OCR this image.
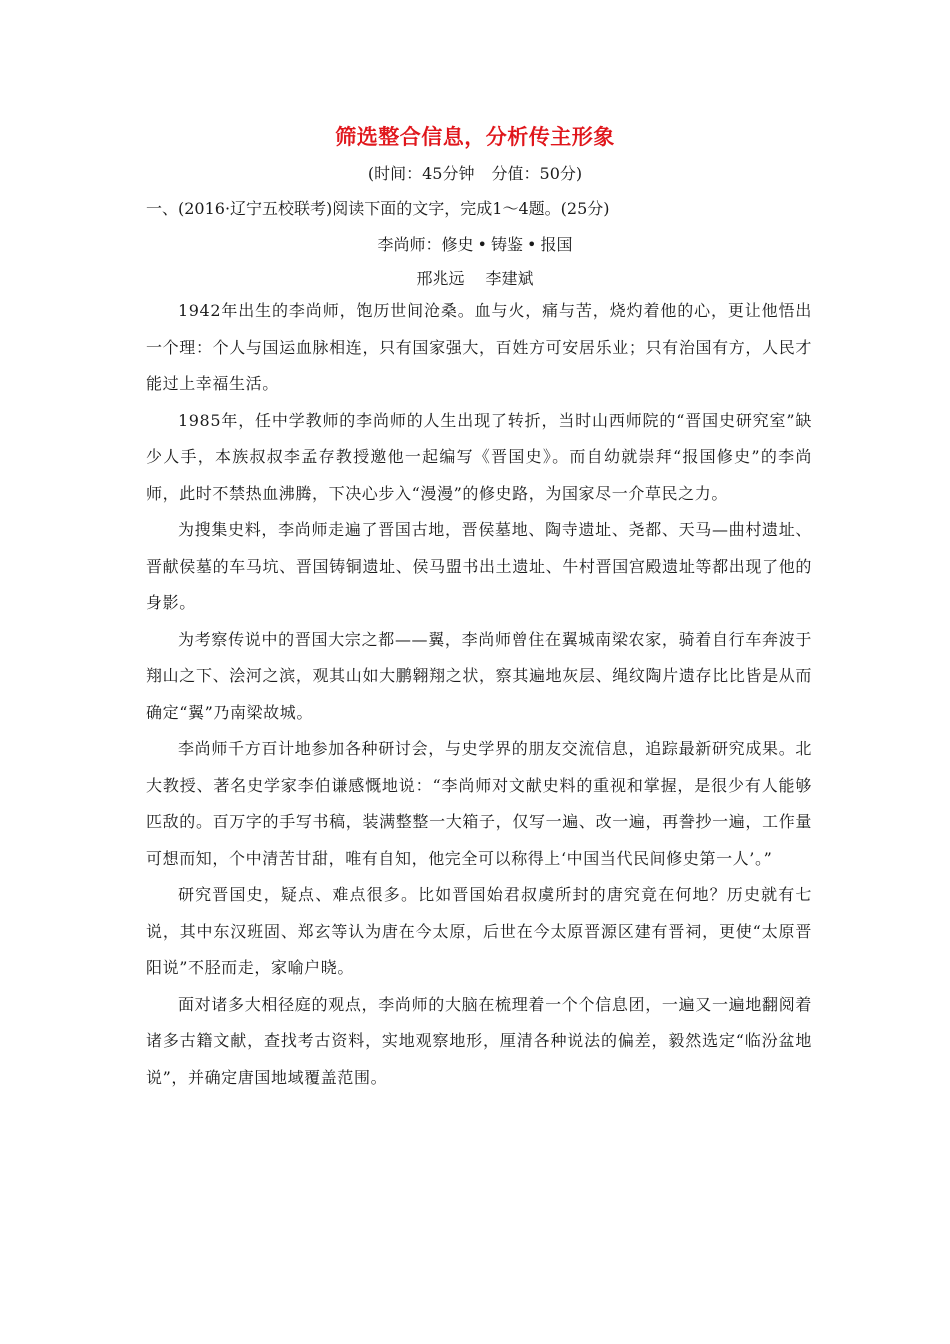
筛选整合信息，分析传主形象
(时间：45分钟 分值：50分)
一、(2016·辽宁五校联考)阅读下面的文字，完成1～4题。(25分)
李尚师：修史 • 铸鉴 • 报国
邢兆远 李建斌

1942年出生的李尚师，饱历世间沧桑。血与火，痛与苦，烧灼着他的心，更让他悟出一个理：个人与国运血脉相连，只有国家强大，百姓方可安居乐业；只有治国有方，人民才能过上幸福生活。

1985年，任中学教师的李尚师的人生出现了转折，当时山西师院的“晋国史研究室”缺少人手，本族叔叔李孟存教授邀他一起编写《晋国史》。而自幼就崇拜“报国修史”的李尚师，此时不禁热血沸腾，下决心步入“漫漫”的修史路，为国家尽一介草民之力。

为搜集史料，李尚师走遍了晋国古地，晋侯墓地、陶寺遗址、尧都、天马—曲村遗址、晋献侯墓的车马坑、晋国铸铜遗址、侯马盟书出土遗址、牛村晋国宫殿遗址等都出现了他的身影。

为考察传说中的晋国大宗之都——翼，李尚师曾住在翼城南梁农家，骑着自行车奔波于翔山之下、浍河之滨，观其山如大鹏翱翔之状，察其遍地灰层、绳纹陶片遗存比比皆是从而确定“翼”乃南梁故城。

李尚师千方百计地参加各种研讨会，与史学界的朋友交流信息，追踪最新研究成果。北大教授、著名史学家李伯谦感慨地说：“李尚师对文献史料的重视和掌握，是很少有人能够匹敌的。百万字的手写书稿，装满整整一大箱子，仅写一遍、改一遍，再誊抄一遍，工作量可想而知，个中清苦甘甜，唯有自知，他完全可以称得上‘中国当代民间修史第一人’。”

研究晋国史，疑点、难点很多。比如晋国始君叔虞所封的唐究竟在何地？历史就有七说，其中东汉班固、郑玄等认为唐在今太原，后世在今太原晋源区建有晋祠，更使“太原晋阳说”不胫而走，家喻户晓。

面对诸多大相径庭的观点，李尚师的大脑在梳理着一个个信息团，一遍又一遍地翻阅着诸多古籍文献，查找考古资料，实地观察地形，厘清各种说法的偏差，毅然选定“临汾盆地说”，并确定唐国地域覆盖范围。
